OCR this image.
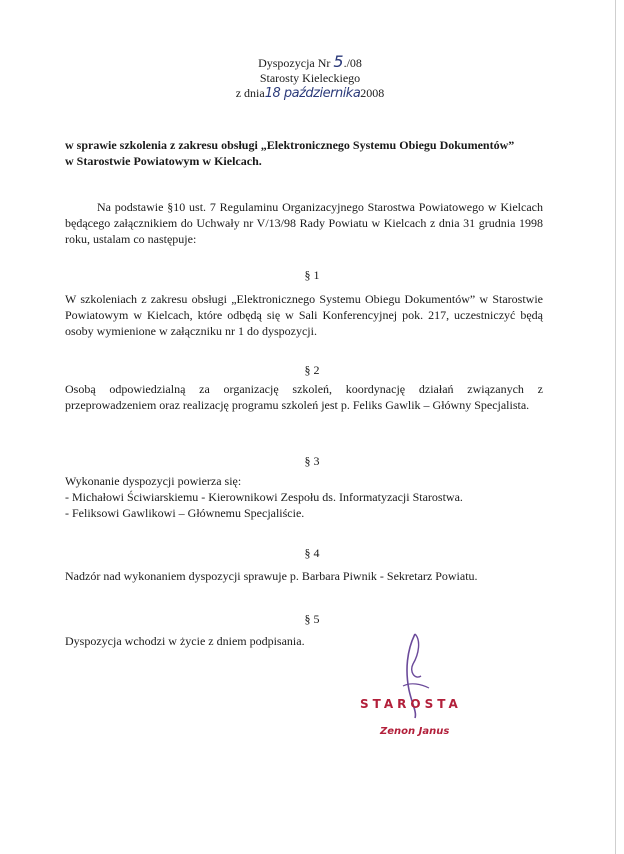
Dyspozycja Nr 5./08
Starosty Kieleckiego
z dnia18 października2008
w sprawie szkolenia z zakresu obsługi „Elektronicznego Systemu Obiegu Dokumentów”
w Starostwie Powiatowym w Kielcach.
Na podstawie §10 ust. 7 Regulaminu Organizacyjnego Starostwa Powiatowego w Kielcach będącego załącznikiem do Uchwały nr V/13/98 Rady Powiatu w Kielcach z dnia 31 grudnia 1998 roku, ustalam co następuje:
§ 1
W szkoleniach z zakresu obsługi „Elektronicznego Systemu Obiegu Dokumentów” w Starostwie Powiatowym w Kielcach, które odbędą się w Sali Konferencyjnej pok. 217, uczestniczyć będą osoby wymienione w załączniku nr 1 do dyspozycji.
§ 2
Osobą odpowiedzialną za organizację szkoleń, koordynację działań związanych z przeprowadzeniem oraz realizację programu szkoleń jest p. Feliks Gawlik – Główny Specjalista.
§ 3
Wykonanie dyspozycji powierza się:
- Michałowi Ściwiarskiemu - Kierownikowi Zespołu ds. Informatyzacji Starostwa.
- Feliksowi Gawlikowi – Głównemu Specjaliście.
§ 4
Nadzór nad wykonaniem dyspozycji sprawuje p. Barbara Piwnik - Sekretarz Powiatu.
§ 5
Dyspozycja wchodzi w życie z dniem podpisania.
STAROSTA
Zenon Janus
